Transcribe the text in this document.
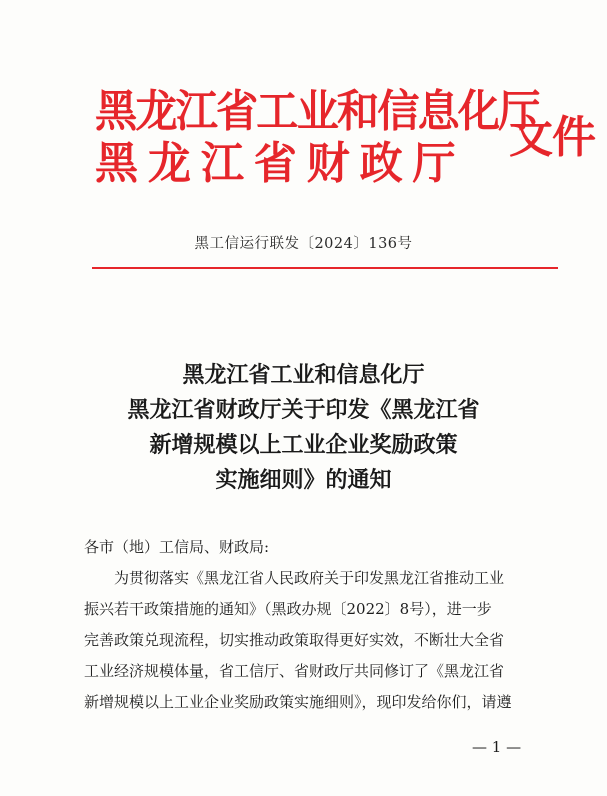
黑龙江省工业和信息化厅
黑龙江省财政厅
文件
黑工信运行联发〔2024〕136号
黑龙江省工业和信息化厅
黑龙江省财政厅关于印发《黑龙江省
新增规模以上工业企业奖励政策
实施细则》的通知
各市（地）工信局、财政局:
为贯彻落实《黑龙江省人民政府关于印发黑龙江省推动工业
振兴若干政策措施的通知》（黑政办规〔2022〕8号），进一步
完善政策兑现流程，切实推动政策取得更好实效，不断壮大全省
工业经济规模体量，省工信厅、省财政厅共同修订了《黑龙江省
新增规模以上工业企业奖励政策实施细则》，现印发给你们，请遵
— 1 —
